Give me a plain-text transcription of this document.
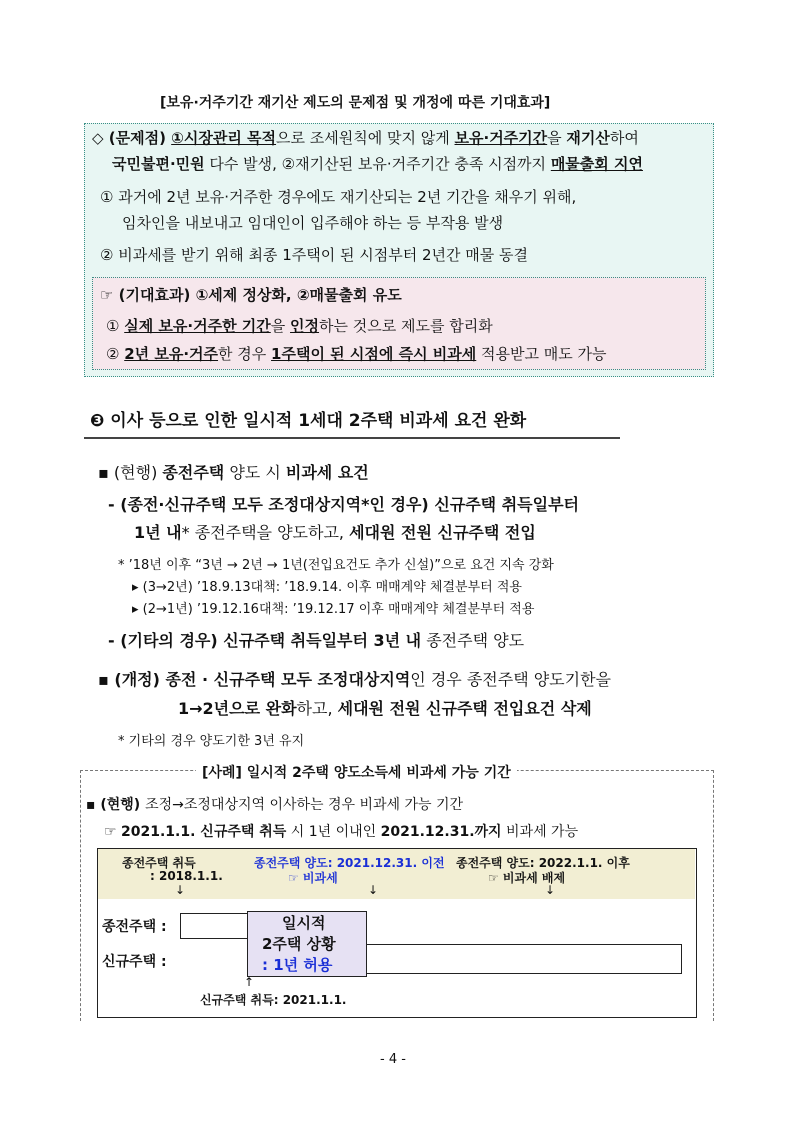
[보유·거주기간 재기산 제도의 문제점 및 개정에 따른 기대효과]
◇ (문제점) ①시장관리 목적으로 조세원칙에 맞지 않게 보유·거주기간을 재기산하여
국민불편·민원 다수 발생, ②재기산된 보유·거주기간 충족 시점까지 매물출회 지연
① 과거에 2년 보유·거주한 경우에도 재기산되는 2년 기간을 채우기 위해,
임차인을 내보내고 임대인이 입주해야 하는 등 부작용 발생
② 비과세를 받기 위해 최종 1주택이 된 시점부터 2년간 매물 동결
☞ (기대효과) ①세제 정상화, ②매물출회 유도
① 실제 보유·거주한 기간을 인정하는 것으로 제도를 합리화
② 2년 보유·거주한 경우 1주택이 된 시점에 즉시 비과세 적용받고 매도 가능
❸ 이사 등으로 인한 일시적 1세대 2주택 비과세 요건 완화
▪ (현행) 종전주택 양도 시 비과세 요건
- (종전·신규주택 모두 조정대상지역*인 경우) 신규주택 취득일부터
1년 내* 종전주택을 양도하고, 세대원 전원 신규주택 전입
* ’18년 이후 “3년 → 2년 → 1년(전입요건도 추가 신설)”으로 요건 지속 강화
▸ (3→2년) ’18.9.13대책: ’18.9.14. 이후 매매계약 체결분부터 적용
▸ (2→1년) ’19.12.16대책: ’19.12.17 이후 매매계약 체결분부터 적용
- (기타의 경우) 신규주택 취득일부터 3년 내 종전주택 양도
▪ (개정) 종전 · 신규주택 모두 조정대상지역인 경우 종전주택 양도기한을
1→2년으로 완화하고, 세대원 전원 신규주택 전입요건 삭제
* 기타의 경우 양도기한 3년 유지
[사례] 일시적 2주택 양도소득세 비과세 가능 기간
▪ (현행) 조정→조정대상지역 이사하는 경우 비과세 가능 기간
☞ 2021.1.1. 신규주택 취득 시 1년 이내인 2021.12.31.까지 비과세 가능
종전주택 취득
: 2018.1.1.
↓
종전주택 양도: 2021.12.31. 이전
☞ 비과세
↓
종전주택 양도: 2022.1.1. 이후
☞ 비과세 배제
↓
종전주택 :
신규주택 :
일시적
2주택 상황
: 1년 허용
↑
신규주택 취득: 2021.1.1.
- 4 -
